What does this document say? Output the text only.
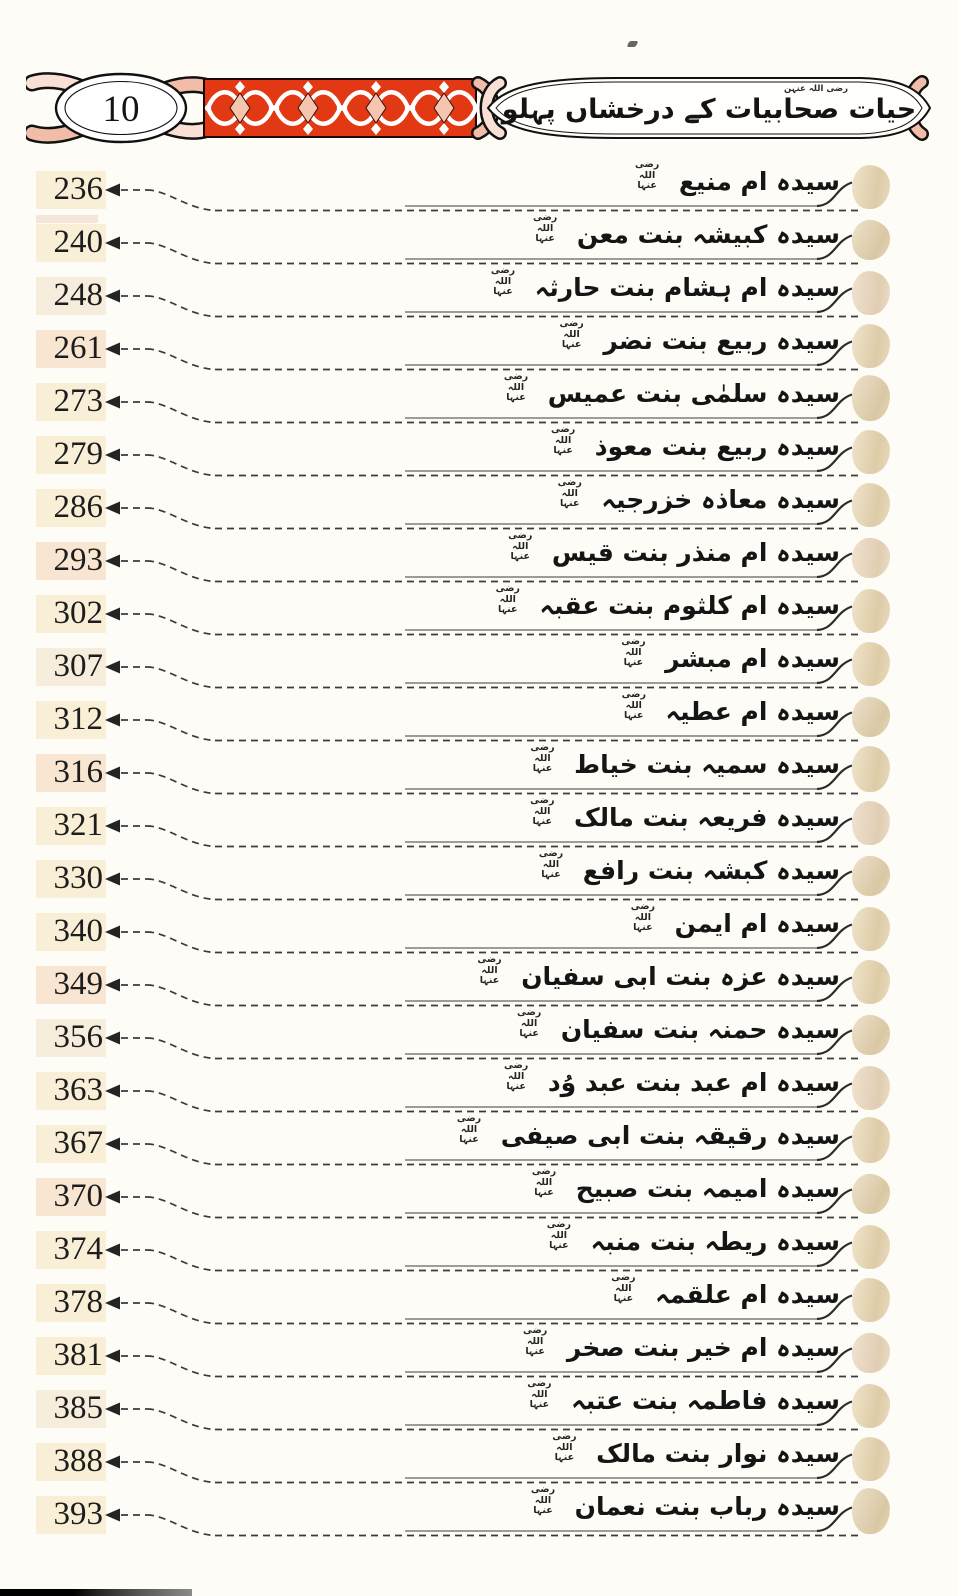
10	حیات صحابیات کے درخشاں پہلو
رضی اللہ عنہن
236	سیدہ ام منیع رضی اللہ عنہا
240	سیدہ کبیشہ بنت معن رضی اللہ عنہا
248	سیدہ ام ہشام بنت حارثہ رضی اللہ عنہا
261	سیدہ ربیع بنت نضر رضی اللہ عنہا
273	سیدہ سلمٰی بنت عمیس رضی اللہ عنہا
279	سیدہ ربیع بنت معوذ رضی اللہ عنہا
286	سیدہ معاذہ خزرجیہ رضی اللہ عنہا
293	سیدہ ام منذر بنت قیس رضی اللہ عنہا
302	سیدہ ام کلثوم بنت عقبہ رضی اللہ عنہا
307	سیدہ ام مبشر رضی اللہ عنہا
312	سیدہ ام عطیہ رضی اللہ عنہا
316	سیدہ سمیہ بنت خیاط رضی اللہ عنہا
321	سیدہ فریعہ بنت مالک رضی اللہ عنہا
330	سیدہ کبشہ بنت رافع رضی اللہ عنہا
340	سیدہ ام ایمن رضی اللہ عنہا
349	سیدہ عزہ بنت ابی سفیان رضی اللہ عنہا
356	سیدہ حمنہ بنت سفیان رضی اللہ عنہا
363	سیدہ ام عبد بنت عبد وُد رضی اللہ عنہا
367	سیدہ رقیقہ بنت ابی صیفی رضی اللہ عنہا
370	سیدہ امیمہ بنت صبیح رضی اللہ عنہا
374	سیدہ ریطہ بنت منبہ رضی اللہ عنہا
378	سیدہ ام علقمہ رضی اللہ عنہا
381	سیدہ ام خیر بنت صخر رضی اللہ عنہا
385	سیدہ فاطمہ بنت عتبہ رضی اللہ عنہا
388	سیدہ نوار بنت مالک رضی اللہ عنہا
393	سیدہ رباب بنت نعمان رضی اللہ عنہا
